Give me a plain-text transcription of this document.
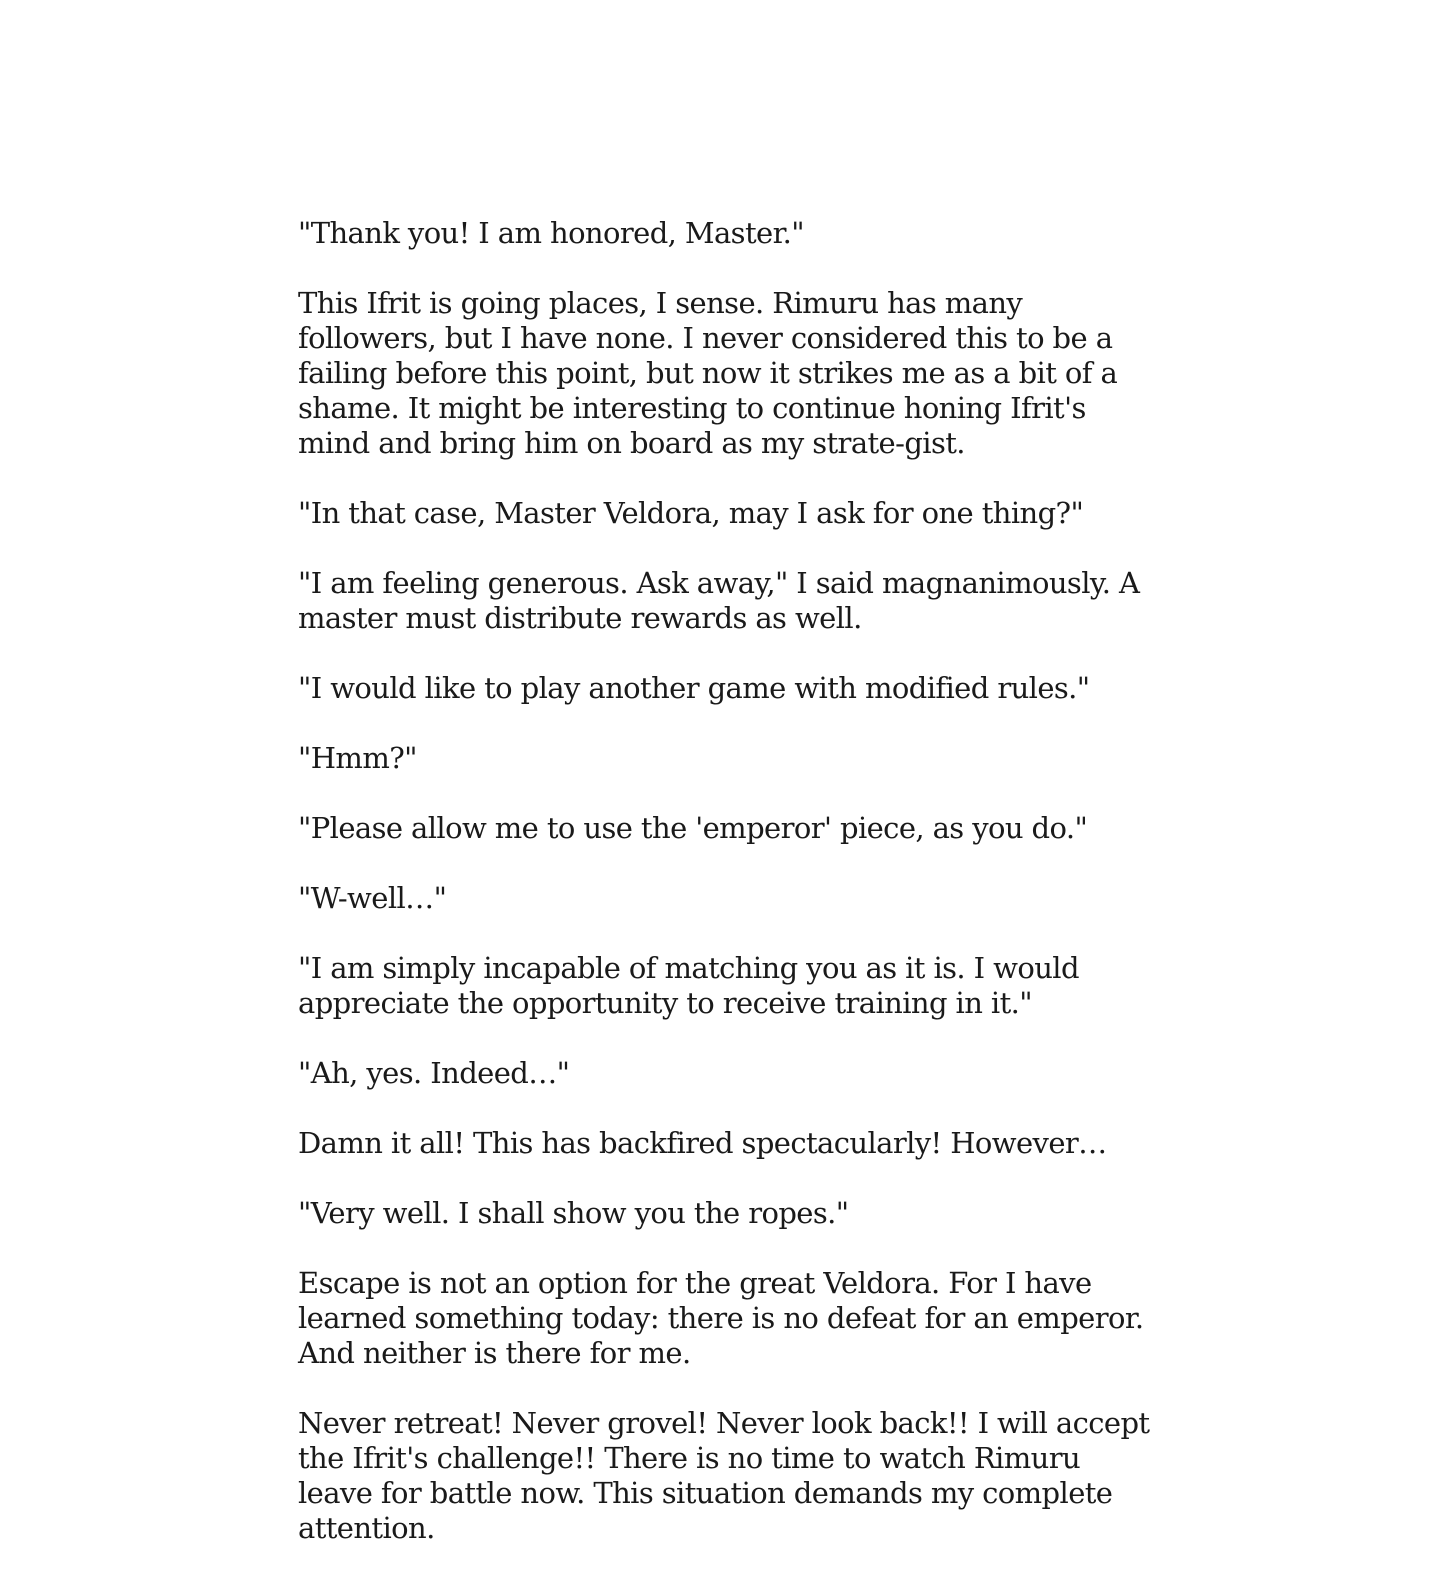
"Thank you! I am honored, Master."

This Ifrit is going places, I sense. Rimuru has many followers, but I have none. I never considered this to be a failing before this point, but now it strikes me as a bit of a shame. It might be interesting to continue honing Ifrit's mind and bring him on board as my strate-gist.

"In that case, Master Veldora, may I ask for one thing?"

"I am feeling generous. Ask away," I said magnanimously. A master must distribute rewards as well.

"I would like to play another game with modified rules."

"Hmm?"

"Please allow me to use the 'emperor' piece, as you do."

"W-well…"

"I am simply incapable of matching you as it is. I would appreciate the opportunity to receive training in it."

"Ah, yes. Indeed…"

Damn it all! This has backfired spectacularly! However…

"Very well. I shall show you the ropes."

Escape is not an option for the great Veldora. For I have learned something today: there is no defeat for an emperor. And neither is there for me.

Never retreat! Never grovel! Never look back!! I will accept the Ifrit's challenge!! There is no time to watch Rimuru leave for battle now. This situation demands my complete attention.
